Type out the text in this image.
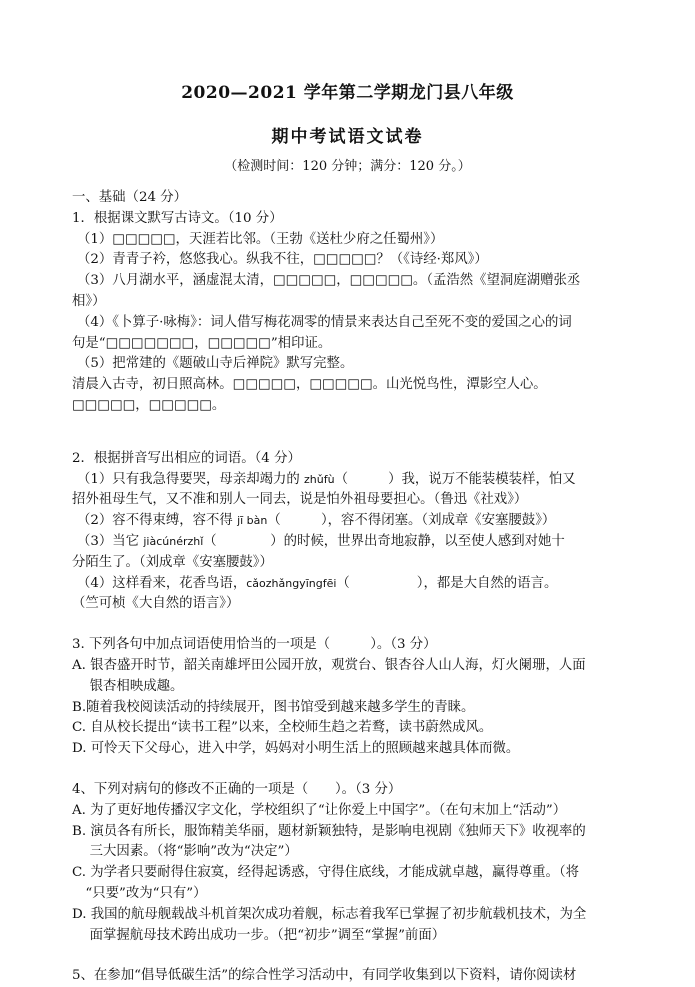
2020—2021 学年第二学期龙门县八年级
期中考试语文试卷
（检测时间：120 分钟；满分：120 分。）

一、基础（24 分）

1．根据课文默写古诗文。（10 分）

（1）□□□□□，天涯若比邻。（王勃《送杜少府之任蜀州》）

（2）青青子衿，悠悠我心。纵我不往，□□□□□？（《诗经·郑风》）

（3）八月湖水平，涵虚混太清，□□□□□，□□□□□。（孟浩然《望洞庭湖赠张丞

相》）

（4）《卜算子·咏梅》：词人借写梅花凋零的情景来表达自己至死不变的爱国之心的词

句是“□□□□□□□，□□□□□”相印证。

（5）把常建的《题破山寺后禅院》默写完整。

清晨入古寺，初日照高林。□□□□□，□□□□□。山光悦鸟性，潭影空人心。

□□□□□，□□□□□。

2．根据拼音写出相应的词语。（4 分）

（1）只有我急得要哭，母亲却竭力的 zhǔfù（　　　）我，说万不能装模装样，怕又

招外祖母生气，又不准和别人一同去，说是怕外祖母要担心。（鲁迅《社戏》）

（2）容不得束缚，容不得 jī bàn（　　　），容不得闭塞。（刘成章《安塞腰鼓》）

（3）当它 jiàcúnérzhǐ（　　　　）的时候，世界出奇地寂静，以至使人感到对她十

分陌生了。（刘成章《安塞腰鼓》）

（4）这样看来，花香鸟语，cǎozhǎngyīngfēi（　　　　　），都是大自然的语言。

（竺可桢《大自然的语言》）

3. 下列各句中加点词语使用恰当的一项是（　　　）。（3 分）

A. 银杏盛开时节，韶关南雄坪田公园开放，观赏台、银杏谷人山人海，灯火阑珊，人面

　 银杏相映成趣。

B.随着我校阅读活动的持续展开，图书馆受到越来越多学生的青睐。

C. 自从校长提出“读书工程”以来，全校师生趋之若鹜，读书蔚然成风。

D. 可怜天下父母心，进入中学，妈妈对小明生活上的照顾越来越具体而微。

4、下列对病句的修改不正确的一项是（　　）。（3 分）

A. 为了更好地传播汉字文化，学校组织了“让你爱上中国字”。（在句末加上“活动”）

B. 演员各有所长，服饰精美华丽，题材新颖独特，是影响电视剧《独师天下》收视率的

　 三大因素。（将“影响”改为“决定”）

C. 为学者只要耐得住寂寞，经得起诱惑，守得住底线，才能成就卓越，赢得尊重。（将

　“只要”改为“只有”）

D. 我国的航母舰载战斗机首架次成功着舰，标志着我军已掌握了初步航载机技术，为全

　 面掌握航母技术跨出成功一步。（把“初步”调至“掌握”前面）

5、在参加“倡导低碳生活”的综合性学习活动中，有同学收集到以下资料，请你阅读材
